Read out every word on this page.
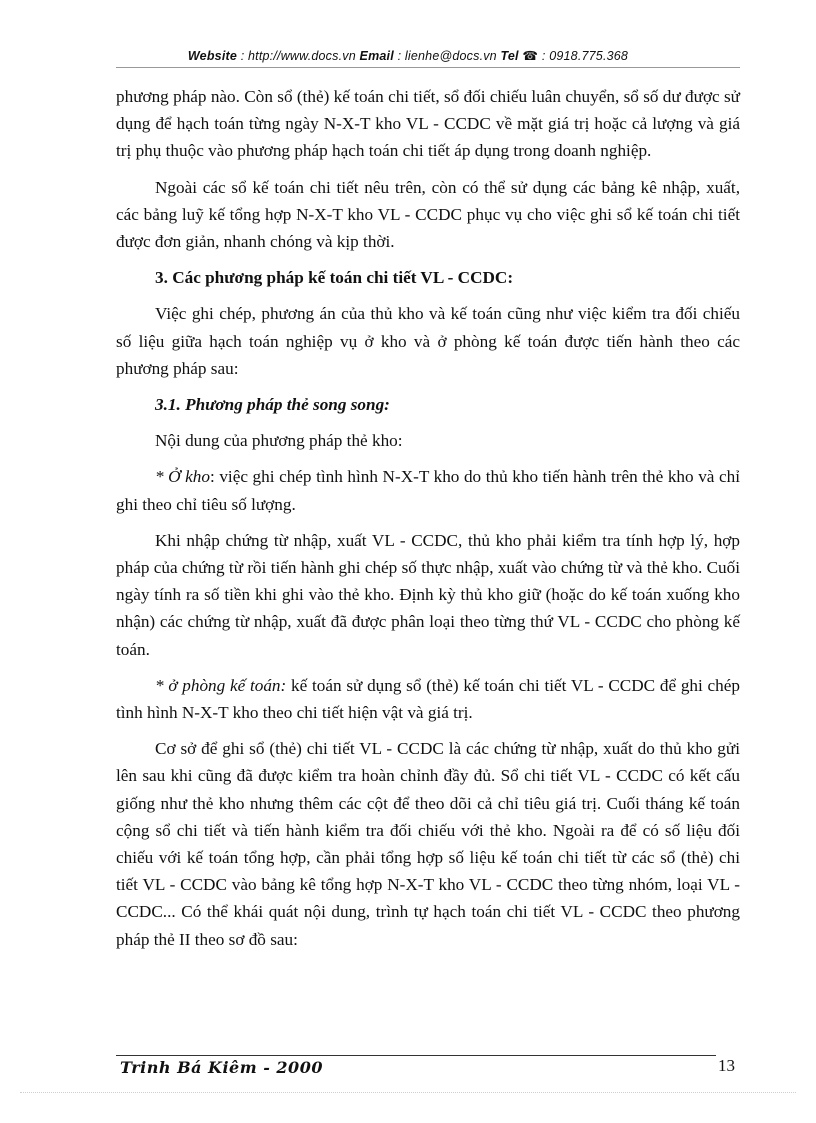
Website : http://www.docs.vn Email : lienhe@docs.vn Tel ☎ : 0918.775.368

phương pháp nào. Còn sổ (thẻ) kế toán chi tiết, sổ đối chiếu luân chuyển, sổ số dư được sử dụng để hạch toán từng ngày N-X-T kho VL - CCDC về mặt giá trị hoặc cả lượng và giá trị phụ thuộc vào phương pháp hạch toán chi tiết áp dụng trong doanh nghiệp.

Ngoài các sổ kế toán chi tiết nêu trên, còn có thể sử dụng các bảng kê nhập, xuất, các bảng luỹ kế tổng hợp N-X-T kho VL - CCDC phục vụ cho việc ghi sổ kế toán chi tiết được đơn giản, nhanh chóng và kịp thời.

3. Các phương pháp kế toán chi tiết VL - CCDC:

Việc ghi chép, phương án của thủ kho và kế toán cũng như việc kiểm tra đối chiếu số liệu giữa hạch toán nghiệp vụ ở kho và ở phòng kế toán được tiến hành theo các phương pháp sau:

3.1. Phương pháp thẻ song song:

Nội dung của phương pháp thẻ kho:

* Ở kho: việc ghi chép tình hình N-X-T kho do thủ kho tiến hành trên thẻ kho và chỉ ghi theo chỉ tiêu số lượng.

Khi nhập chứng từ nhập, xuất VL - CCDC, thủ kho phải kiểm tra tính hợp lý, hợp pháp của chứng từ rồi tiến hành ghi chép số thực nhập, xuất vào chứng từ và thẻ kho. Cuối ngày tính ra số tiền khi ghi vào thẻ kho. Định kỳ thủ kho giữ (hoặc do kế toán xuống kho nhận) các chứng từ nhập, xuất đã được phân loại theo từng thứ VL - CCDC cho phòng kế toán.

* ở phòng kế toán: kế toán sử dụng sổ (thẻ) kế toán chi tiết VL - CCDC để ghi chép tình hình N-X-T kho theo chi tiết hiện vật và giá trị.

Cơ sở để ghi sổ (thẻ) chi tiết VL - CCDC là các chứng từ nhập, xuất do thủ kho gửi lên sau khi cũng đã được kiểm tra hoàn chỉnh đầy đủ. Sổ chi tiết VL - CCDC có kết cấu giống như thẻ kho nhưng thêm các cột để theo dõi cả chỉ tiêu giá trị. Cuối tháng kế toán cộng sổ chi tiết và tiến hành kiểm tra đối chiếu với thẻ kho. Ngoài ra để có số liệu đối chiếu với kế toán tổng hợp, cần phải tổng hợp số liệu kế toán chi tiết từ các sổ (thẻ) chi tiết VL - CCDC vào bảng kê tổng hợp N-X-T kho VL - CCDC theo từng nhóm, loại VL - CCDC... Có thể khái quát nội dung, trình tự hạch toán chi tiết VL - CCDC theo phương pháp thẻ II theo sơ đồ sau:

Trinh Bá Kiêm - 2000	13
